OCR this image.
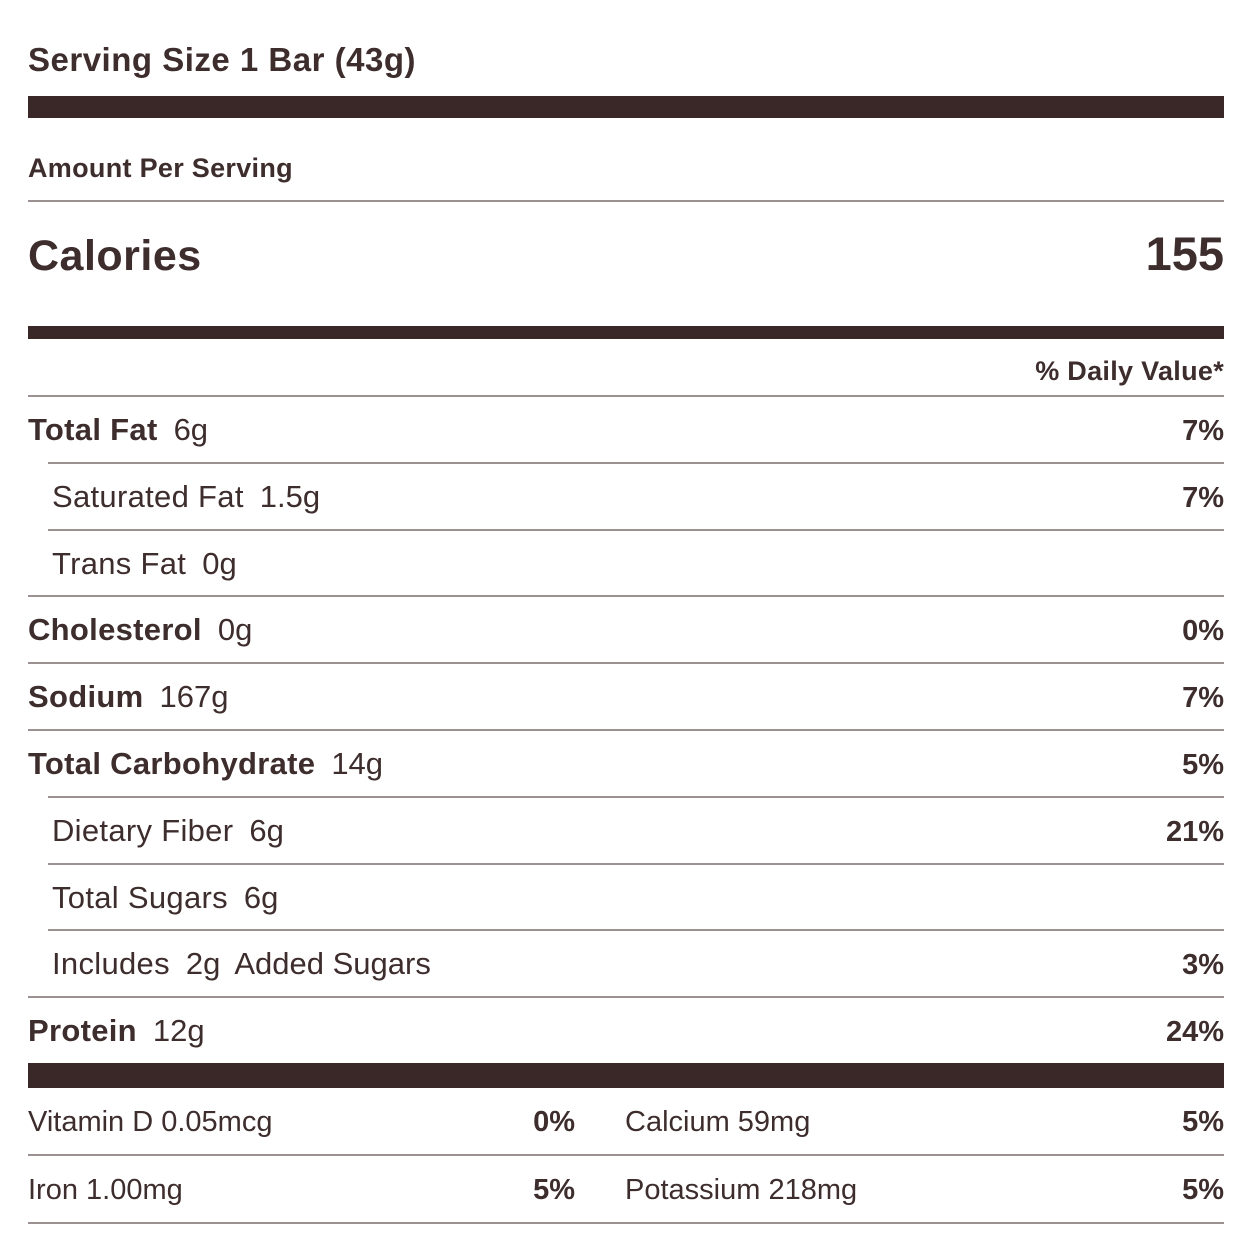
Serving Size 1 Bar (43g)
Amount Per Serving
Calories	155
% Daily Value*
Total Fat 6g	7%
Saturated Fat 1.5g	7%
Trans Fat 0g
Cholesterol 0g	0%
Sodium 167g	7%
Total Carbohydrate 14g	5%
Dietary Fiber 6g	21%
Total Sugars 6g
Includes 2g Added Sugars	3%
Protein 12g	24%
Vitamin D 0.05mcg	0% Calcium 59mg	5%
Iron 1.00mg	5% Potassium 218mg	5%
